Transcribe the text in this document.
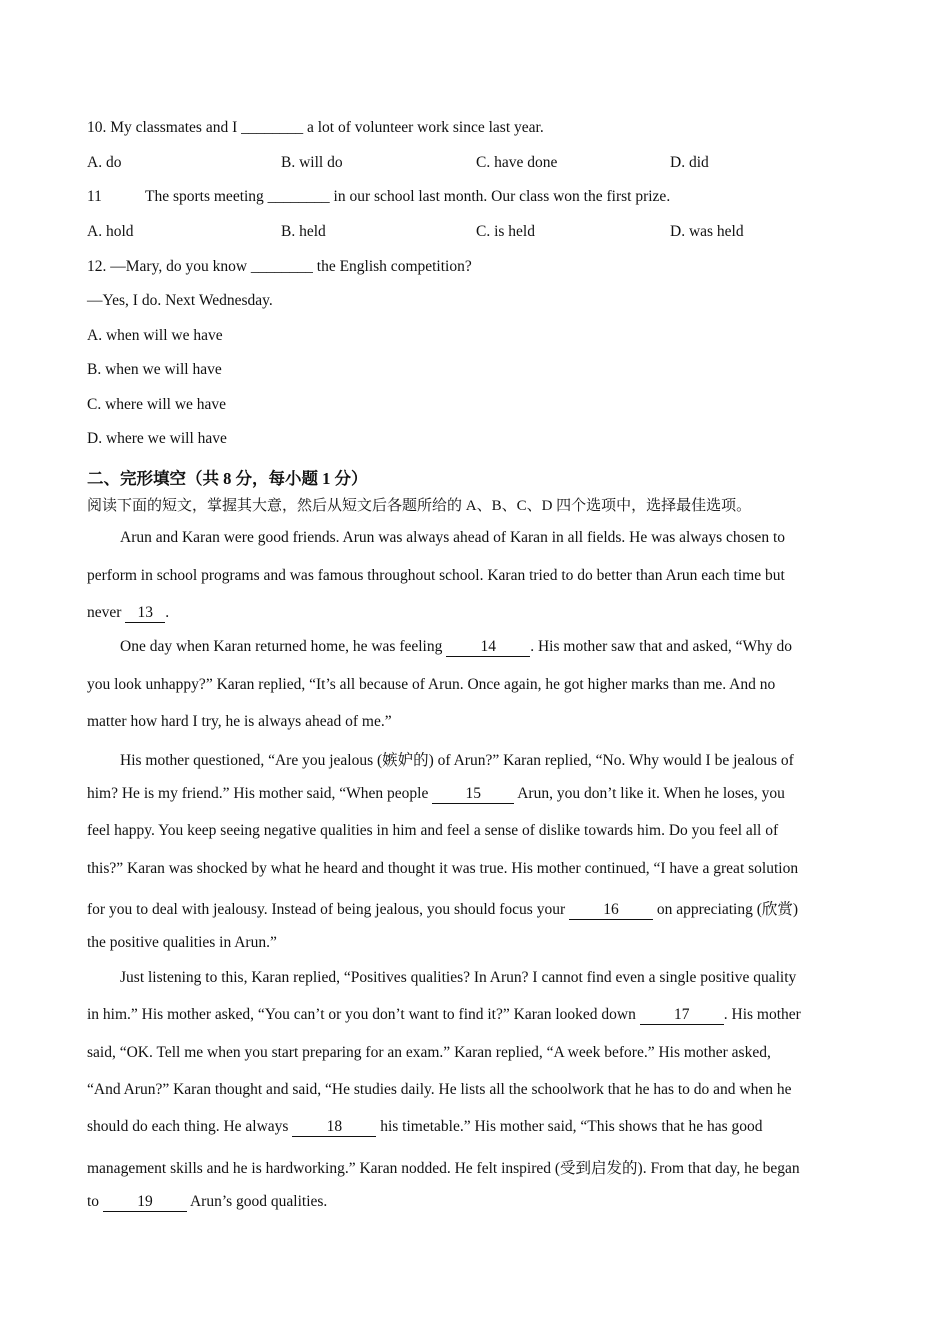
10. My classmates and I ________ a lot of volunteer work since last year.
A. do	B. will do	C. have done	D. did
11	The sports meeting ________ in our school last month. Our class won the first prize.
A. hold	B. held	C. is held	D. was held
12. —Mary, do you know ________ the English competition?
—Yes, I do. Next Wednesday.
A. when will we have
B. when we will have
C. where will we have
D. where we will have
二、完形填空（共 8 分，每小题 1 分）
阅读下面的短文，掌握其大意，然后从短文后各题所给的 A、B、C、D 四个选项中，选择最佳选项。
Arun and Karan were good friends. Arun was always ahead of Karan in all fields. He was always chosen to
perform in school programs and was famous throughout school. Karan tried to do better than Arun each time but
never 13 .
One day when Karan returned home, he was feeling 14 . His mother saw that and asked, “Why do
you look unhappy?” Karan replied, “It’s all because of Arun. Once again, he got higher marks than me. And no
matter how hard I try, he is always ahead of me.”
His mother questioned, “Are you jealous (嫉妒的) of Arun?” Karan replied, “No. Why would I be jealous of
him? He is my friend.” His mother said, “When people 15 Arun, you don’t like it. When he loses, you
feel happy. You keep seeing negative qualities in him and feel a sense of dislike towards him. Do you feel all of
this?” Karan was shocked by what he heard and thought it was true. His mother continued, “I have a great solution
for you to deal with jealousy. Instead of being jealous, you should focus your 16 on appreciating (欣赏)
the positive qualities in Arun.”
Just listening to this, Karan replied, “Positives qualities? In Arun? I cannot find even a single positive quality
in him.” His mother asked, “You can’t or you don’t want to find it?” Karan looked down 17 . His mother
said, “OK. Tell me when you start preparing for an exam.” Karan replied, “A week before.” His mother asked,
“And Arun?” Karan thought and said, “He studies daily. He lists all the schoolwork that he has to do and when he
should do each thing. He always 18 his timetable.” His mother said, “This shows that he has good
management skills and he is hardworking.” Karan nodded. He felt inspired (受到启发的). From that day, he began
to 19 Arun’s good qualities.
